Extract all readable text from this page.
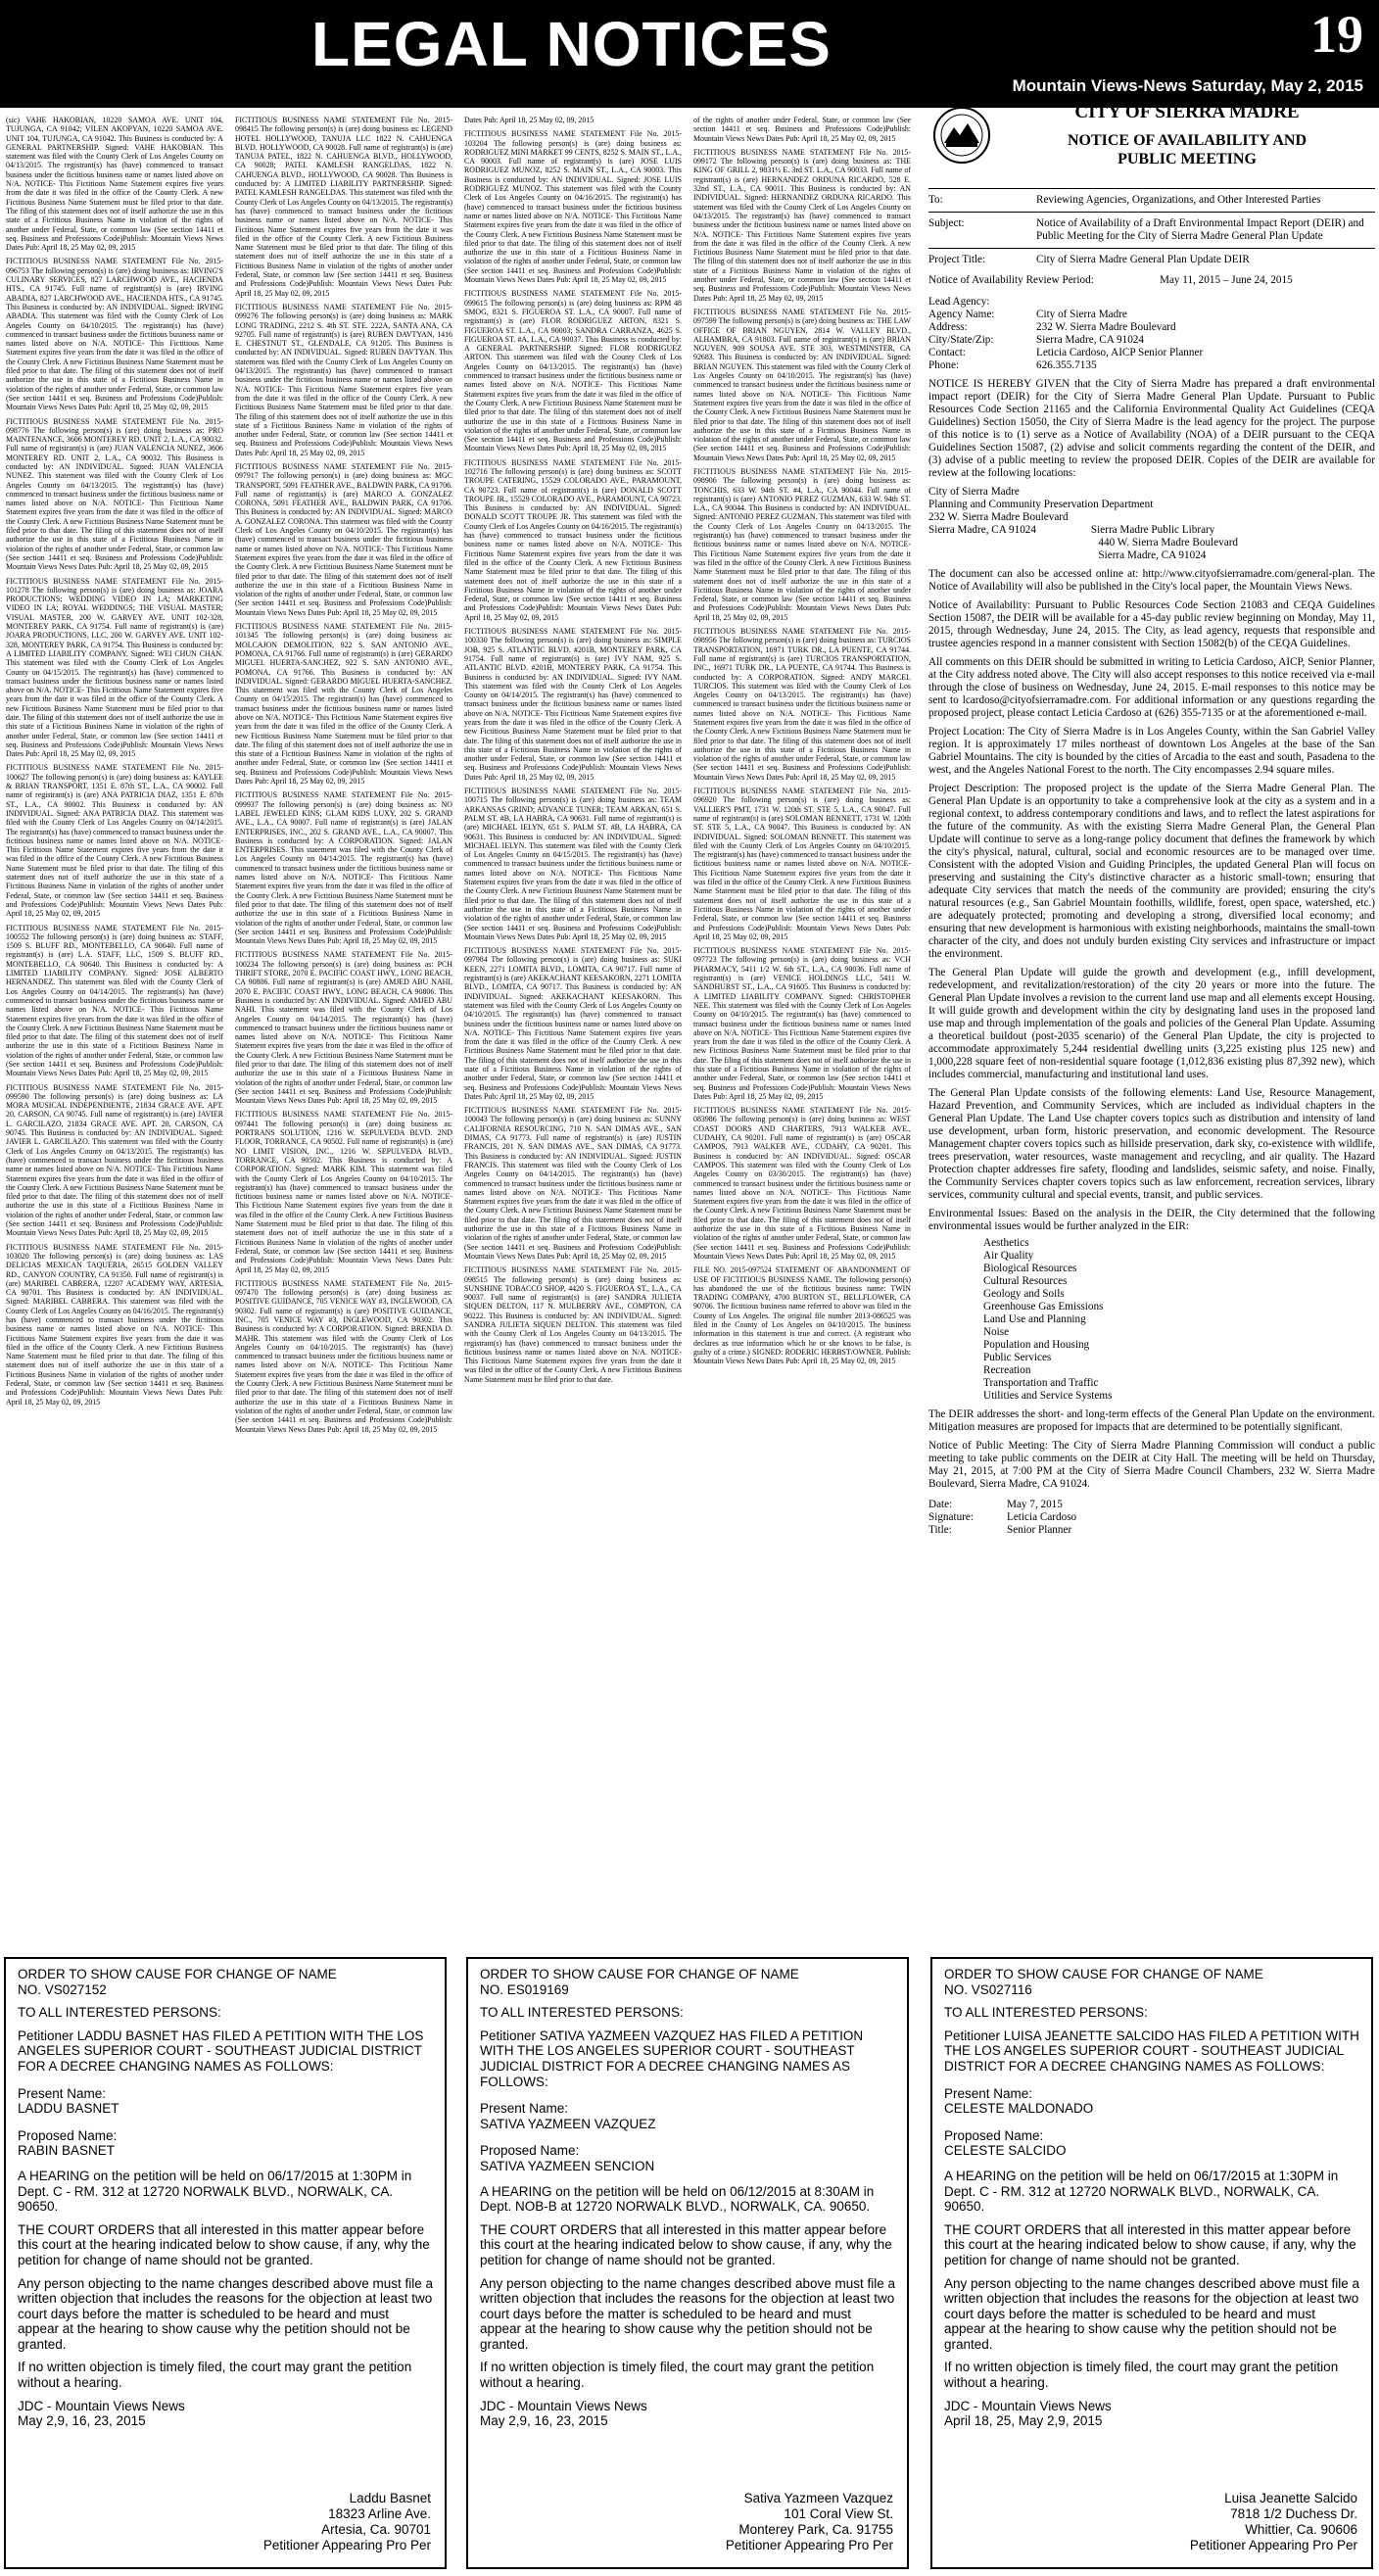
LEGAL NOTICES	19
Mountain Views-News Saturday, May 2, 2015

(sic) VAHE HAKOBIAN, 10220 SAMOA AVE. UNIT 104, TUJUNGA, CA 91042; VILEN AKOPYAN, 10220 SAMOA AVE. UNIT 104, TUJUNGA, CA 91042. This Business is conducted by: A GENERAL PARTNERSHIP. Signed: VAHE HAKOBIAN. This statement was filed with the County Clerk of Los Angeles County on 04/13/2015. The registrant(s) has (have) commenced to transact business under the fictitious business name or names listed above on N/A. NOTICE- This Fictitious Name Statement expires five years from the date it was filed in the office of the County Clerk. A new Fictitious Business Name Statement must be filed prior to that date. The filing of this statement does not of itself authorize the use in this state of a Fictitious Business Name in violation of the rights of another under Federal, State, or common law (See section 14411 et seq. Business and Professions Code)Publish: Mountain Views News Dates Pub: April 18, 25 May 02, 09, 2015

FICTITIOUS BUSINESS NAME STATEMENT File No. 2015-096753 The following person(s) is (are) doing business as: IRVING'S CULINARY SERVICES, 827 LARCHWOOD AVE., HACIENDA HTS., CA 91745. Full name of registrant(s) is (are) IRVING ABADIA, 827 LARCHWOOD AVE., HACIENDA HTS., CA 91745. This Business is conducted by: AN INDIVIDUAL. Signed: IRVING ABADIA. This statement was filed with the County Clerk of Los Angeles County on 04/10/2015. The registrant(s) has (have) commenced to transact business under the fictitious business name or names listed above on N/A. NOTICE- This Fictitious Name Statement expires five years from the date it was filed in the office of the County Clerk. A new Fictitious Business Name Statement must be filed prior to that date. The filing of this statement does not of itself authorize the use in this state of a Fictitious Business Name in violation of the rights of another under Federal, State, or common law (See section 14411 et seq. Business and Professions Code)Publish: Mountain Views News Dates Pub: April 18, 25 May 02, 09, 2015

FICTITIOUS BUSINESS NAME STATEMENT File No. 2015-098776 The following person(s) is (are) doing business as: PRO MAINTENANCE, 3606 MONTEREY RD. UNIT 2, L.A., CA 90032. Full name of registrant(s) is (are) JUAN VALENCIA NUNEZ, 3606 MONTEREY RD. UNIT 2, L.A., CA 90032. This Business is conducted by: AN INDIVIDUAL. Signed: JUAN VALENCIA NUNEZ. This statement was filed with the County Clerk of Los Angeles County on 04/13/2015. The registrant(s) has (have) commenced to transact business under the fictitious business name or names listed above on N/A. NOTICE- This Fictitious Name Statement expires five years from the date it was filed in the office of the County Clerk. A new Fictitious Business Name Statement must be filed prior to that date. The filing of this statement does not of itself authorize the use in this state of a Fictitious Business Name in violation of the rights of another under Federal, State, or common law (See section 14411 et seq. Business and Professions Code)Publish: Mountain Views News Dates Pub: April 18, 25 May 02, 09, 2015

FICTITIOUS BUSINESS NAME STATEMENT File No. 2015-101278 The following person(s) is (are) doing business as: JOARA PRODUCTIONS; WEDDING VIDEO IN LA; MARKETING VIDEO IN LA; ROYAL WEDDINGS; THE VISUAL MASTER; VISUAL MASTER, 200 W. GARVEY AVE. UNIT 102-328, MONTEREY PARK, CA 91754. Full name of registrant(s) is (are) JOARA PRODUCTIONS, LLC, 200 W. GARVEY AVE. UNIT 102-328, MONTEREY PARK, CA 91754. This Business is conducted by: A LIMITED LIABILITY COMPANY. Signed: WEI CHUN CHAN. This statement was filed with the County Clerk of Los Angeles County on 04/15/2015. The registrant(s) has (have) commenced to transact business under the fictitious business name or names listed above on N/A. NOTICE- This Fictitious Name Statement expires five years from the date it was filed in the office of the County Clerk. A new Fictitious Business Name Statement must be filed prior to that date. The filing of this statement does not of itself authorize the use in this state of a Fictitious Business Name in violation of the rights of another under Federal, State, or common law (See section 14411 et seq. Business and Professions Code)Publish: Mountain Views News Dates Pub: April 18, 25 May 02, 09, 2015

FICTITIOUS BUSINESS NAME STATEMENT File No. 2015-100627 The following person(s) is (are) doing business as: KAYLEE & BRIAN TRANSPORT, 1351 E. 87th ST., L.A., CA 90002. Full name of registrant(s) is (are) ANA PATRICIA DIAZ, 1351 E. 87th ST., L.A., CA 90002. This Business is conducted by: AN INDIVIDUAL. Signed: ANA PATRICIA DIAZ. This statement was filed with the County Clerk of Los Angeles County on 04/14/2015. The registrant(s) has (have) commenced to transact business under the fictitious business name or names listed above on N/A. NOTICE- This Fictitious Name Statement expires five years from the date it was filed in the office of the County Clerk. A new Fictitious Business Name Statement must be filed prior to that date. The filing of this statement does not of itself authorize the use in this state of a Fictitious Business Name in violation of the rights of another under Federal, State, or common law (See section 14411 et seq. Business and Professions Code)Publish: Mountain Views News Dates Pub: April 18, 25 May 02, 09, 2015

FICTITIOUS BUSINESS NAME STATEMENT File No. 2015-100552 The following person(s) is (are) doing business as: STAFF, 1509 S. BLUFF RD., MONTEBELLO, CA 90640. Full name of registrant(s) is (are) L.A. STAFF, LLC, 1509 S. BLUFF RD., MONTEBELLO, CA 90640. This Business is conducted by: A LIMITED LIABILITY COMPANY. Signed: JOSE ALBERTO HERNANDEZ. This statement was filed with the County Clerk of Los Angeles County on 04/14/2015. The registrant(s) has (have) commenced to transact business under the fictitious business name or names listed above on N/A. NOTICE- This Fictitious Name Statement expires five years from the date it was filed in the office of the County Clerk. A new Fictitious Business Name Statement must be filed prior to that date. The filing of this statement does not of itself authorize the use in this state of a Fictitious Business Name in violation of the rights of another under Federal, State, or common law (See section 14411 et seq. Business and Professions Code)Publish: Mountain Views News Dates Pub: April 18, 25 May 02, 09, 2015

FICTITIOUS BUSINESS NAME STATEMENT File No. 2015-099590 The following person(s) is (are) doing business as: LA MORA MUSICAL INDEPENDIENTE, 21834 GRACE AVE. APT. 20, CARSON, CA 90745. Full name of registrant(s) is (are) JAVIER L. GARCILAZO, 21834 GRACE AVE. APT. 20, CARSON, CA 90745. This Business is conducted by: AN INDIVIDUAL. Signed: JAVIER L. GARCILAZO. This statement was filed with the County Clerk of Los Angeles County on 04/13/2015. The registrant(s) has (have) commenced to transact business under the fictitious business name or names listed above on N/A. NOTICE- This Fictitious Name Statement expires five years from the date it was filed in the office of the County Clerk. A new Fictitious Business Name Statement must be filed prior to that date. The filing of this statement does not of itself authorize the use in this state of a Fictitious Business Name in violation of the rights of another under Federal, State, or common law (See section 14411 et seq. Business and Professions Code)Publish: Mountain Views News Dates Pub: April 18, 25 May 02, 09, 2015

FICTITIOUS BUSINESS NAME STATEMENT File No. 2015-103020 The following person(s) is (are) doing business as: LAS DELICIAS MEXICAN TAQUERIA, 26515 GOLDEN VALLEY RD., CANYON COUNTRY, CA 91350. Full name of registrant(s) is (are) MARIBEL CABRERA, 12207 ACADEMY WAY, ARTESIA, CA 90701. This Business is conducted by: AN INDIVIDUAL. Signed: MARIBEL CABRERA. This statement was filed with the County Clerk of Los Angeles County on 04/16/2015. The registrant(s) has (have) commenced to transact business under the fictitious business name or names listed above on N/A. NOTICE- This Fictitious Name Statement expires five years from the date it was filed in the office of the County Clerk. A new Fictitious Business Name Statement must be filed prior to that date. The filing of this statement does not of itself authorize the use in this state of a Fictitious Business Name in violation of the rights of another under Federal, State, or common law (See section 14411 et seq. Business and Professions Code)Publish: Mountain Views News Dates Pub: April 18, 25 May 02, 09, 2015

FICTITIOUS BUSINESS NAME STATEMENT File No. 2015-098415 The following person(s) is (are) doing business as: LEGEND HOTEL HOLLYWOOD, TANUJA LLC 1822 N. CAHUENGA BLVD. HOLLYWOOD, CA 90028. Full name of registrant(s) is (are) TANUJA PATEL, 1822 N. CAHUENGA BLVD., HOLLYWOOD, CA 90028; PATEL KAMLESH RANGELDAS, 1822 N. CAHUENGA BLVD., HOLLYWOOD, CA 90028. This Business is conducted by: A LIMITED LIABILITY PARTNERSHIP. Signed: PATEL KAMLESH RANGELDAS. This statement was filed with the County Clerk of Los Angeles County on 04/13/2015. The registrant(s) has (have) commenced to transact business under the fictitious business name or names listed above on N/A. NOTICE- This Fictitious Name Statement expires five years from the date it was filed in the office of the County Clerk. A new Fictitious Business Name Statement must be filed prior to that date. The filing of this statement does not of itself authorize the use in this state of a Fictitious Business Name in violation of the rights of another under Federal, State, or common law (See section 14411 et seq. Business and Professions Code)Publish: Mountain Views News Dates Pub: April 18, 25 May 02, 09, 2015

FICTITIOUS BUSINESS NAME STATEMENT File No. 2015-099276 The following person(s) is (are) doing business as: MARK LONG TRADING, 2212 S. 4th ST. STE. 222A, SANTA ANA, CA 92705. Full name of registrant(s) is (are) RUBEN DAVTYAN, 1416 E. CHESTNUT ST., GLENDALE, CA 91205. This Business is conducted by: AN INDIVIDUAL. Signed: RUBEN DAVTYAN. This statement was filed with the County Clerk of Los Angeles County on 04/13/2015. The registrant(s) has (have) commenced to transact business under the fictitious business name or names listed above on N/A. NOTICE- This Fictitious Name Statement expires five years from the date it was filed in the office of the County Clerk. A new Fictitious Business Name Statement must be filed prior to that date. The filing of this statement does not of itself authorize the use in this state of a Fictitious Business Name in violation of the rights of another under Federal, State, or common law (See section 14411 et seq. Business and Professions Code)Publish: Mountain Views News Dates Pub: April 18, 25 May 02, 09, 2015

FICTITIOUS BUSINESS NAME STATEMENT File No. 2015-097917 The following person(s) is (are) doing business as: MGC TRANSPORT, 5091 FEATHER AVE., BALDWIN PARK, CA 91706. Full name of registrant(s) is (are) MARCO A. GONZALEZ CORONA, 5091 FEATHER AVE., BALDWIN PARK, CA 91706. This Business is conducted by: AN INDIVIDUAL. Signed: MARCO A. GONZALEZ CORONA. This statement was filed with the County Clerk of Los Angeles County on 04/10/2015. The registrant(s) has (have) commenced to transact business under the fictitious business name or names listed above on N/A. NOTICE- This Fictitious Name Statement expires five years from the date it was filed in the office of the County Clerk. A new Fictitious Business Name Statement must be filed prior to that date. The filing of this statement does not of itself authorize the use in this state of a Fictitious Business Name in violation of the rights of another under Federal, State, or common law (See section 14411 et seq. Business and Professions Code)Publish: Mountain Views News Dates Pub: April 18, 25 May 02, 09, 2015

FICTITIOUS BUSINESS NAME STATEMENT File No. 2015-101345 The following person(s) is (are) doing business as: MOLCAJON DEMOLITION, 922 S. SAN ANTONIO AVE., POMONA, CA 91766. Full name of registrant(s) is (are) GERARDO MIGUEL HUERTA-SANCHEZ, 922 S. SAN ANTONIO AVE., POMONA, CA 91766. This Business is conducted by: AN INDIVIDUAL. Signed: GERARDO MIGUEL HUERTA-SANCHEZ. This statement was filed with the County Clerk of Los Angeles County on 04/15/2015. The registrant(s) has (have) commenced to transact business under the fictitious business name or names listed above on N/A. NOTICE- This Fictitious Name Statement expires five years from the date it was filed in the office of the County Clerk. A new Fictitious Business Name Statement must be filed prior to that date. The filing of this statement does not of itself authorize the use in this state of a Fictitious Business Name in violation of the rights of another under Federal, State, or common law (See section 14411 et seq. Business and Professions Code)Publish: Mountain Views News Dates Pub: April 18, 25 May 02, 09, 2015

FICTITIOUS BUSINESS NAME STATEMENT File No. 2015-099937 The following person(s) is (are) doing business as: NO LABEL JEWELED KINS; GLAM KIDS LUXY, 202 S. GRAND AVE., L.A., CA 90007. Full name of registrant(s) is (are) JALAN ENTERPRISES, INC., 202 S. GRAND AVE., L.A., CA 90007. This Business is conducted by: A CORPORATION. Signed: JALAN ENTERPRISES. This statement was filed with the County Clerk of Los Angeles County on 04/14/2015. The registrant(s) has (have) commenced to transact business under the fictitious business name or names listed above on N/A. NOTICE- This Fictitious Name Statement expires five years from the date it was filed in the office of the County Clerk. A new Fictitious Business Name Statement must be filed prior to that date. The filing of this statement does not of itself authorize the use in this state of a Fictitious Business Name in violation of the rights of another under Federal, State, or common law (See section 14411 et seq. Business and Professions Code)Publish: Mountain Views News Dates Pub: April 18, 25 May 02, 09, 2015

FICTITIOUS BUSINESS NAME STATEMENT File No. 2015-100234 The following person(s) is (are) doing business as: PCH THRIFT STORE, 2070 E. PACIFIC COAST HWY., LONG BEACH, CA 90806. Full name of registrant(s) is (are) AMJED ABU NAHI, 2070 E. PACIFIC COAST HWY., LONG BEACH, CA 90806. This Business is conducted by: AN INDIVIDUAL. Signed: AMJED ABU NAHI. This statement was filed with the County Clerk of Los Angeles County on 04/14/2015. The registrant(s) has (have) commenced to transact business under the fictitious business name or names listed above on N/A. NOTICE- This Fictitious Name Statement expires five years from the date it was filed in the office of the County Clerk. A new Fictitious Business Name Statement must be filed prior to that date. The filing of this statement does not of itself authorize the use in this state of a Fictitious Business Name in violation of the rights of another under Federal, State, or common law (See section 14411 et seq. Business and Professions Code)Publish: Mountain Views News Dates Pub: April 18, 25 May 02, 09, 2015

FICTITIOUS BUSINESS NAME STATEMENT File No. 2015-097441 The following person(s) is (are) doing business as: PORTRANS SOLUTION, 1216 W. SEPULVEDA BLVD. 2ND FLOOR, TORRANCE, CA 90502. Full name of registrant(s) is (are) NO LIMIT VISION, INC., 1216 W. SEPULVEDA BLVD., TORRANCE, CA 90502. This Business is conducted by: A CORPORATION. Signed: MARK KIM. This statement was filed with the County Clerk of Los Angeles County on 04/10/2015. The registrant(s) has (have) commenced to transact business under the fictitious business name or names listed above on N/A. NOTICE- This Fictitious Name Statement expires five years from the date it was filed in the office of the County Clerk. A new Fictitious Business Name Statement must be filed prior to that date. The filing of this statement does not of itself authorize the use in this state of a Fictitious Business Name in violation of the rights of another under Federal, State, or common law (See section 14411 et seq. Business and Professions Code)Publish: Mountain Views News Dates Pub: April 18, 25 May 02, 09, 2015

FICTITIOUS BUSINESS NAME STATEMENT File No. 2015-097470 The following person(s) is (are) doing business as: POSITIVE GUIDANCE, 705 VENICE WAY #3, INGLEWOOD, CA 90302. Full name of registrant(s) is (are) POSITIVE GUIDANCE, INC., 705 VENICE WAY #3, INGLEWOOD, CA 90302. This Business is conducted by: A CORPORATION. Signed: BRENDA D. MAHR. This statement was filed with the County Clerk of Los Angeles County on 04/10/2015. The registrant(s) has (have) commenced to transact business under the fictitious business name or names listed above on N/A. NOTICE- This Fictitious Name Statement expires five years from the date it was filed in the office of the County Clerk. A new Fictitious Business Name Statement must be filed prior to that date. The filing of this statement does not of itself authorize the use in this state of a Fictitious Business Name in violation of the rights of another under Federal, State, or common law (See section 14411 et seq. Business and Professions Code)Publish: Mountain Views News Dates Pub: April 18, 25 May 02, 09, 2015

Dates Pub: April 18, 25 May 02, 09, 2015

FICTITIOUS BUSINESS NAME STATEMENT File No. 2015-103204 The following person(s) is (are) doing business as: RODRIGUEZ MINI MARKET 99 CENTS, 8252 S. MAIN ST., L.A., CA 90003. Full name of registrant(s) is (are) JOSE LUIS RODRIGUEZ MUNOZ, 8252 S. MAIN ST., L.A., CA 90003. This Business is conducted by: AN INDIVIDUAL. Signed: JOSE LUIS RODRIGUEZ MUNOZ. This statement was filed with the County Clerk of Los Angeles County on 04/16/2015. The registrant(s) has (have) commenced to transact business under the fictitious business name or names listed above on N/A. NOTICE- This Fictitious Name Statement expires five years from the date it was filed in the office of the County Clerk. A new Fictitious Business Name Statement must be filed prior to that date. The filing of this statement does not of itself authorize the use in this state of a Fictitious Business Name in violation of the rights of another under Federal, State, or common law (See section 14411 et seq. Business and Professions Code)Publish: Mountain Views News Dates Pub: April 18, 25 May 02, 09, 2015

FICTITIOUS BUSINESS NAME STATEMENT File No. 2015-099615 The following person(s) is (are) doing business as: RPM 48 SMOG, 8321 S. FIGUEROA ST. L.A., CA 90007. Full name of registrant(s) is (are) FLOR RODRIGUEZ ARTON, 8321 S. FIGUEROA ST. L.A., CA 90003; SANDRA CARRANZA, 4625 S. FIGUEROA ST. #A, L.A., CA 90037. This Business is conducted by: A GENERAL PARTNERSHIP. Signed: FLOR RODRIGUEZ ARTON. This statement was filed with the County Clerk of Los Angeles County on 04/13/2015. The registrant(s) has (have) commenced to transact business under the fictitious business name or names listed above on N/A. NOTICE- This Fictitious Name Statement expires five years from the date it was filed in the office of the County Clerk. A new Fictitious Business Name Statement must be filed prior to that date. The filing of this statement does not of itself authorize the use in this state of a Fictitious Business Name in violation of the rights of another under Federal, State, or common law (See section 14411 et seq. Business and Professions Code)Publish: Mountain Views News Dates Pub: April 18, 25 May 02, 09, 2015

FICTITIOUS BUSINESS NAME STATEMENT File No. 2015-102716 The following person(s) is (are) doing business as: SCOTT TROUPE CATERING, 15529 COLORADO AVE., PARAMOUNT, CA 90723. Full name of registrant(s) is (are) DONALD SCOTT TROUPE JR., 15529 COLORADO AVE., PARAMOUNT, CA 90723. This Business is conducted by: AN INDIVIDUAL. Signed: DONALD SCOTT TROUPE JR. This statement was filed with the County Clerk of Los Angeles County on 04/16/2015. The registrant(s) has (have) commenced to transact business under the fictitious business name or names listed above on N/A. NOTICE- This Fictitious Name Statement expires five years from the date it was filed in the office of the County Clerk. A new Fictitious Business Name Statement must be filed prior to that date. The filing of this statement does not of itself authorize the use in this state of a Fictitious Business Name in violation of the rights of another under Federal, State, or common law (See section 14411 et seq. Business and Professions Code)Publish: Mountain Views News Dates Pub: April 18, 25 May 02, 09, 2015

FICTITIOUS BUSINESS NAME STATEMENT File No. 2015-100330 The following person(s) is (are) doing business as: SIMPLE JOB, 925 S. ATLANTIC BLVD. #201B, MONTEREY PARK, CA 91754. Full name of registrant(s) is (are) IVY NAM, 925 S. ATLANTIC BLVD. #201B, MONTEREY PARK, CA 91754. This Business is conducted by: AN INDIVIDUAL. Signed: IVY NAM. This statement was filed with the County Clerk of Los Angeles County on 04/14/2015. The registrant(s) has (have) commenced to transact business under the fictitious business name or names listed above on N/A. NOTICE- This Fictitious Name Statement expires five years from the date it was filed in the office of the County Clerk. A new Fictitious Business Name Statement must be filed prior to that date. The filing of this statement does not of itself authorize the use in this state of a Fictitious Business Name in violation of the rights of another under Federal, State, or common law (See section 14411 et seq. Business and Professions Code)Publish: Mountain Views News Dates Pub: April 18, 25 May 02, 09, 2015

FICTITIOUS BUSINESS NAME STATEMENT File No. 2015-100715 The following person(s) is (are) doing business as: TEAM ARKANSAS GRIND; ADVANCE TUNER; TEAM ARKAN, 651 S. PALM ST. #B, LA HABRA, CA 90631. Full name of registrant(s) is (are) MICHAEL IELYN, 651 S. PALM ST. #B, LA HABRA, CA 90631. This Business is conducted by: AN INDIVIDUAL. Signed: MICHAEL IELYN. This statement was filed with the County Clerk of Los Angeles County on 04/15/2015. The registrant(s) has (have) commenced to transact business under the fictitious business name or names listed above on N/A. NOTICE- This Fictitious Name Statement expires five years from the date it was filed in the office of the County Clerk. A new Fictitious Business Name Statement must be filed prior to that date. The filing of this statement does not of itself authorize the use in this state of a Fictitious Business Name in violation of the rights of another under Federal, State, or common law (See section 14411 et seq. Business and Professions Code)Publish: Mountain Views News Dates Pub: April 18, 25 May 02, 09, 2015

FICTITIOUS BUSINESS NAME STATEMENT File No. 2015-097984 The following person(s) is (are) doing business as: SUKI KEEN, 2271 LOMITA BLVD., LOMITA, CA 90717. Full name of registrant(s) is (are) AKEKACHANT KEESAKORN, 2271 LOMITA BLVD., LOMITA, CA 90717. This Business is conducted by: AN INDIVIDUAL. Signed: AKEKACHANT KEESAKORN. This statement was filed with the County Clerk of Los Angeles County on 04/10/2015. The registrant(s) has (have) commenced to transact business under the fictitious business name or names listed above on N/A. NOTICE- This Fictitious Name Statement expires five years from the date it was filed in the office of the County Clerk. A new Fictitious Business Name Statement must be filed prior to that date. The filing of this statement does not of itself authorize the use in this state of a Fictitious Business Name in violation of the rights of another under Federal, State, or common law (See section 14411 et seq. Business and Professions Code)Publish: Mountain Views News Dates Pub: April 18, 25 May 02, 09, 2015

FICTITIOUS BUSINESS NAME STATEMENT File No. 2015-100043 The following person(s) is (are) doing business as: SUNNY CALIFORNIA RESOURCING, 710 N. SAN DIMAS AVE., SAN DIMAS, CA 91773. Full name of registrant(s) is (are) JUSTIN FRANCIS, 201 N. SAN DIMAS AVE., SAN DIMAS, CA 91773. This Business is conducted by: AN INDIVIDUAL. Signed: JUSTIN FRANCIS. This statement was filed with the County Clerk of Los Angeles County on 04/14/2015. The registrant(s) has (have) commenced to transact business under the fictitious business name or names listed above on N/A. NOTICE- This Fictitious Name Statement expires five years from the date it was filed in the office of the County Clerk. A new Fictitious Business Name Statement must be filed prior to that date. The filing of this statement does not of itself authorize the use in this state of a Fictitious Business Name in violation of the rights of another under Federal, State, or common law (See section 14411 et seq. Business and Professions Code)Publish: Mountain Views News Dates Pub: April 18, 25 May 02, 09, 2015

FICTITIOUS BUSINESS NAME STATEMENT File No. 2015-098515 The following person(s) is (are) doing business as: SUNSHINE TOBACCO SHOP, 4420 S. FIGUEROA ST., L.A., CA 90037. Full name of registrant(s) is (are) SANDRA JULIETA SIQUEN DELTON, 117 N. MULBERRY AVE., COMPTON, CA 90222. This Business is conducted by: AN INDIVIDUAL. Signed: SANDRA JULIETA SIQUEN DELTON. This statement was filed with the County Clerk of Los Angeles County on 04/13/2015. The registrant(s) has (have) commenced to transact business under the fictitious business name or names listed above on N/A. NOTICE- This Fictitious Name Statement expires five years from the date it was filed in the office of the County Clerk. A new Fictitious Business Name Statement must be filed prior to that date.

of the rights of another under Federal, State, or common law (See section 14411 et seq. Business and Professions Code)Publish: Mountain Views News Dates Pub: April 18, 25 May 02, 09, 2015

FICTITIOUS BUSINESS NAME STATEMENT File No. 2015-099172 The following person(s) is (are) doing business as: THE KING OF GRILL 2, 9831½ E. 3rd ST. L.A., CA 90033. Full name of registrant(s) is (are) HERNANDEZ ORDUNA RICARDO, 528 E. 32nd ST., L.A., CA 90011. This Business is conducted by: AN INDIVIDUAL. Signed: HERNANDEZ ORDUNA RICARDO. This statement was filed with the County Clerk of Los Angeles County on 04/13/2015. The registrant(s) has (have) commenced to transact business under the fictitious business name or names listed above on N/A. NOTICE- This Fictitious Name Statement expires five years from the date it was filed in the office of the County Clerk. A new Fictitious Business Name Statement must be filed prior to that date. The filing of this statement does not of itself authorize the use in this state of a Fictitious Business Name in violation of the rights of another under Federal, State, or common law (See section 14411 et seq. Business and Professions Code)Publish: Mountain Views News Dates Pub: April 18, 25 May 02, 09, 2015

FICTITIOUS BUSINESS NAME STATEMENT File No. 2015-097599 The following person(s) is (are) doing business as: THE LAW OFFICE OF BRIAN NGUYEN, 2814 W. VALLEY BLVD., ALHAMBRA, CA 91803. Full name of registrant(s) is (are) BRIAN NGUYEN, 909 SOUSA AVE. STE 303, WESTMINSTER, CA 92683. This Business is conducted by: AN INDIVIDUAL. Signed: BRIAN NGUYEN. This statement was filed with the County Clerk of Los Angeles County on 04/10/2015. The registrant(s) has (have) commenced to transact business under the fictitious business name or names listed above on N/A. NOTICE- This Fictitious Name Statement expires five years from the date it was filed in the office of the County Clerk. A new Fictitious Business Name Statement must be filed prior to that date. The filing of this statement does not of itself authorize the use in this state of a Fictitious Business Name in violation of the rights of another under Federal, State, or common law (See section 14411 et seq. Business and Professions Code)Publish: Mountain Views News Dates Pub: April 18, 25 May 02, 09, 2015

FICTITIOUS BUSINESS NAME STATEMENT File No. 2015-098906 The following person(s) is (are) doing business as: TONCHIS, 633 W. 94th ST. #4, L.A., CA 90044. Full name of registrant(s) is (are) ANTONIO PEREZ GUZMAN, 633 W. 94th ST. L.A., CA 90044. This Business is conducted by: AN INDIVIDUAL. Signed: ANTONIO PEREZ GUZMAN. This statement was filed with the County Clerk of Los Angeles County on 04/13/2015. The registrant(s) has (have) commenced to transact business under the fictitious business name or names listed above on N/A. NOTICE- This Fictitious Name Statement expires five years from the date it was filed in the office of the County Clerk. A new Fictitious Business Name Statement must be filed prior to that date. The filing of this statement does not of itself authorize the use in this state of a Fictitious Business Name in violation of the rights of another under Federal, State, or common law (See section 14411 et seq. Business and Professions Code)Publish: Mountain Views News Dates Pub: April 18, 25 May 02, 09, 2015

FICTITIOUS BUSINESS NAME STATEMENT File No. 2015-098956 The following person(s) is (are) doing business as: TURCIOS TRANSPORTATION, 16971 TURK DR., LA PUENTE, CA 91744. Full name of registrant(s) is (are) TURCIOS TRANSPORTATION, INC., 16971 TURK DR., LA PUENTE, CA 91744. This Business is conducted by: A CORPORATION. Signed: ANDY MARCEL TURCIOS. This statement was filed with the County Clerk of Los Angeles County on 04/13/2015. The registrant(s) has (have) commenced to transact business under the fictitious business name or names listed above on N/A. NOTICE- This Fictitious Name Statement expires five years from the date it was filed in the office of the County Clerk. A new Fictitious Business Name Statement must be filed prior to that date. The filing of this statement does not of itself authorize the use in this state of a Fictitious Business Name in violation of the rights of another under Federal, State, or common law (See section 14411 et seq. Business and Professions Code)Publish: Mountain Views News Dates Pub: April 18, 25 May 02, 09, 2015

FICTITIOUS BUSINESS NAME STATEMENT File No. 2015-096920 The following person(s) is (are) doing business as: VALLIER'S PMT, 1731 W. 120th ST. STE 5, L.A., CA 90047. Full name of registrant(s) is (are) SOLOMAN BENNETT, 1731 W. 120th ST. STE 5, L.A., CA 90047. This Business is conducted by: AN INDIVIDUAL. Signed: SOLOMAN BENNETT. This statement was filed with the County Clerk of Los Angeles County on 04/10/2015. The registrant(s) has (have) commenced to transact business under the fictitious business name or names listed above on N/A. NOTICE- This Fictitious Name Statement expires five years from the date it was filed in the office of the County Clerk. A new Fictitious Business Name Statement must be filed prior to that date. The filing of this statement does not of itself authorize the use in this state of a Fictitious Business Name in violation of the rights of another under Federal, State, or common law (See section 14411 et seq. Business and Professions Code)Publish: Mountain Views News Dates Pub: April 18, 25 May 02, 09, 2015

FICTITIOUS BUSINESS NAME STATEMENT File No. 2015-097723 The following person(s) is (are) doing business as: VCH PHARMACY, 5411 1/2 W. 6th ST., L.A., CA 90036. Full name of registrant(s) is (are) VENICE HOLDINGS LLC, 5411 W. SANDHURST ST., L.A., CA 91605. This Business is conducted by: A LIMITED LIABILITY COMPANY. Signed: CHRISTOPHER NEE. This statement was filed with the County Clerk of Los Angeles County on 04/10/2015. The registrant(s) has (have) commenced to transact business under the fictitious business name or names listed above on N/A. NOTICE- This Fictitious Name Statement expires five years from the date it was filed in the office of the County Clerk. A new Fictitious Business Name Statement must be filed prior to that date. The filing of this statement does not of itself authorize the use in this state of a Fictitious Business Name in violation of the rights of another under Federal, State, or common law (See section 14411 et seq. Business and Professions Code)Publish: Mountain Views News Dates Pub: April 18, 25 May 02, 09, 2015

FICTITIOUS BUSINESS NAME STATEMENT File No. 2015-083986 The following person(s) is (are) doing business as: WEST COAST DOORS AND CHARTERS, 7913 WALKER AVE., CUDAHY, CA 90201. Full name of registrant(s) is (are) OSCAR CAMPOS, 7913 WALKER AVE., CUDAHY, CA 90201. This Business is conducted by: AN INDIVIDUAL. Signed: OSCAR CAMPOS. This statement was filed with the County Clerk of Los Angeles County on 03/30/2015. The registrant(s) has (have) commenced to transact business under the fictitious business name or names listed above on N/A. NOTICE- This Fictitious Name Statement expires five years from the date it was filed in the office of the County Clerk. A new Fictitious Business Name Statement must be filed prior to that date. The filing of this statement does not of itself authorize the use in this state of a Fictitious Business Name in violation of the rights of another under Federal, State, or common law (See section 14411 et seq. Business and Professions Code)Publish: Mountain Views News Dates Pub: April 18, 25 May 02, 09, 2015

FILE NO. 2015-097524 STATEMENT OF ABANDONMENT OF USE OF FICTITIOUS BUSINESS NAME. The following person(s) has abandoned the use of the fictitious business name: TWIN TRADING COMPANY, 4700 BURTON ST., BELLFLOWER, CA 90706. The fictitious business name referred to above was filed in the County of Los Angeles. The original file number 2013-086525 was filed in the County of Los Angeles on 04/10/2015. The business information in this statement is true and correct. (A registrant who declares as true information which he or she knows to be false, is guilty of a crime.) SIGNED: RODERIC HERBST/OWNER. Publish: Mountain Views News Dates Pub: April 18, 25 May 02, 09, 2015

CITY OF SIERRA MADRE
NOTICE OF AVAILABILITY AND
PUBLIC MEETING
To:	Reviewing Agencies, Organizations, and Other Interested Parties
Subject:	Notice of Availability of a Draft Environmental Impact Report (DEIR) and Public Meeting for the City of Sierra Madre General Plan Update
Project Title:	City of Sierra Madre General Plan Update DEIR
Notice of Availability Review Period:	May 11, 2015 – June 24, 2015
Lead Agency:
Agency Name:	City of Sierra Madre
Address:	232 W. Sierra Madre Boulevard
City/State/Zip:	Sierra Madre, CA 91024
Contact:	Leticia Cardoso, AICP Senior Planner
Phone:	626.355.7135

NOTICE IS HEREBY GIVEN that the City of Sierra Madre has prepared a draft environmental impact report (DEIR) for the City of Sierra Madre General Plan Update. Pursuant to Public Resources Code Section 21165 and the California Environmental Quality Act Guidelines (CEQA Guidelines) Section 15050, the City of Sierra Madre is the lead agency for the project. The purpose of this notice is to (1) serve as a Notice of Availability (NOA) of a DEIR pursuant to the CEQA Guidelines Section 15087, (2) advise and solicit comments regarding the content of the DEIR, and (3) advise of a public meeting to review the proposed DEIR. Copies of the DEIR are available for review at the following locations:

City of Sierra Madre
Planning and Community Preservation Department
232 W. Sierra Madre Boulevard
Sierra Madre, CA 91024                    Sierra Madre Public Library
440 W. Sierra Madre Boulevard
Sierra Madre, CA 91024

The document can also be accessed online at: http://www.cityofsierramadre.com/general-plan. The Notice of Availability will also be published in the City's local paper, the Mountain Views News.

Notice of Availability: Pursuant to Public Resources Code Section 21083 and CEQA Guidelines Section 15087, the DEIR will be available for a 45-day public review beginning on Monday, May 11, 2015, through Wednesday, June 24, 2015. The City, as lead agency, requests that responsible and trustee agencies respond in a manner consistent with Section 15082(b) of the CEQA Guidelines.

All comments on this DEIR should be submitted in writing to Leticia Cardoso, AICP, Senior Planner, at the City address noted above. The City will also accept responses to this notice received via e-mail through the close of business on Wednesday, June 24, 2015. E-mail responses to this notice may be sent to lcardoso@cityofsierramadre.com. For additional information or any questions regarding the proposed project, please contact Leticia Cardoso at (626) 355-7135 or at the aforementioned e-mail.

Project Location: The City of Sierra Madre is in Los Angeles County, within the San Gabriel Valley region. It is approximately 17 miles northeast of downtown Los Angeles at the base of the San Gabriel Mountains. The city is bounded by the cities of Arcadia to the east and south, Pasadena to the west, and the Angeles National Forest to the north. The City encompasses 2.94 square miles.

Project Description: The proposed project is the update of the Sierra Madre General Plan. The General Plan Update is an opportunity to take a comprehensive look at the city as a system and in a regional context, to address contemporary conditions and laws, and to reflect the latest aspirations for the future of the community. As with the existing Sierra Madre General Plan, the General Plan Update will continue to serve as a long-range policy document that defines the framework by which the city's physical, natural, cultural, social and economic resources are to be managed over time. Consistent with the adopted Vision and Guiding Principles, the updated General Plan will focus on preserving and sustaining the City's distinctive character as a historic small-town; ensuring that adequate City services that match the needs of the community are provided; ensuring the city's natural resources (e.g., San Gabriel Mountain foothills, wildlife, forest, open space, watershed, etc.) are adequately protected; promoting and developing a strong, diversified local economy; and ensuring that new development is harmonious with existing neighborhoods, maintains the small-town character of the city, and does not unduly burden existing City services and infrastructure or impact the environment.

The General Plan Update will guide the growth and development (e.g., infill development, redevelopment, and revitalization/restoration) of the city 20 years or more into the future. The General Plan Update involves a revision to the current land use map and all elements except Housing. It will guide growth and development within the city by designating land uses in the proposed land use map and through implementation of the goals and policies of the General Plan Update. Assuming a theoretical buildout (post-2035 scenario) of the General Plan Update, the city is projected to accommodate approximately 5,244 residential dwelling units (3,225 existing plus 125 new) and 1,000,228 square feet of non-residential square footage (1,012,836 existing plus 87,392 new), which includes commercial, manufacturing and institutional land uses.

The General Plan Update consists of the following elements: Land Use, Resource Management, Hazard Prevention, and Community Services, which are included as individual chapters in the General Plan Update. The Land Use chapter covers topics such as distribution and intensity of land use development, urban form, historic preservation, and economic development. The Resource Management chapter covers topics such as hillside preservation, dark sky, co-existence with wildlife, trees preservation, water resources, waste management and recycling, and air quality. The Hazard Protection chapter addresses fire safety, flooding and landslides, seismic safety, and noise. Finally, the Community Services chapter covers topics such as law enforcement, recreation services, library services, community cultural and special events, transit, and public services.

Environmental Issues: Based on the analysis in the DEIR, the City determined that the following environmental issues would be further analyzed in the EIR:

Aesthetics
Air Quality
Biological Resources
Cultural Resources
Geology and Soils
Greenhouse Gas Emissions
Land Use and Planning
Noise
Population and Housing
Public Services
Recreation
Transportation and Traffic
Utilities and Service Systems

The DEIR addresses the short- and long-term effects of the General Plan Update on the environment. Mitigation measures are proposed for impacts that are determined to be potentially significant.

Notice of Public Meeting: The City of Sierra Madre Planning Commission will conduct a public meeting to take public comments on the DEIR at City Hall. The meeting will be held on Thursday, May 21, 2015, at 7:00 PM at the City of Sierra Madre Council Chambers, 232 W. Sierra Madre Boulevard, Sierra Madre, CA 91024.

Date:	May 7, 2015
Signature:	Leticia Cardoso
Title:	Senior Planner

ORDER TO SHOW CAUSE FOR CHANGE OF NAME
NO. VS027152

TO ALL INTERESTED PERSONS:

Petitioner LADDU BASNET HAS FILED A PETITION WITH THE LOS ANGELES SUPERIOR COURT - SOUTHEAST JUDICIAL DISTRICT FOR A DECREE CHANGING NAMES AS FOLLOWS:

Present Name:

LADDU BASNET

Proposed Name:

RABIN BASNET

A HEARING on the petition will be held on 06/17/2015 at 1:30PM in Dept. C - RM. 312 at 12720 NORWALK BLVD., NORWALK, CA. 90650.

THE COURT ORDERS that all interested in this matter appear before this court at the hearing indicated below to show cause, if any, why the petition for change of name should not be granted.

Any person objecting to the name changes described above must file a written objection that includes the reasons for the objection at least two court days before the matter is scheduled to be heard and must appear at the hearing to show cause why the petition should not be granted.

If no written objection is timely filed, the court may grant the petition without a hearing.

JDC - Mountain Views News
May 2,9, 16, 23, 2015

Laddu Basnet
18323 Arline Ave.
Artesia, Ca. 90701
Petitioner Appearing Pro Per

ORDER TO SHOW CAUSE FOR CHANGE OF NAME
NO. ES019169

TO ALL INTERESTED PERSONS:

Petitioner SATIVA YAZMEEN VAZQUEZ HAS FILED A PETITION WITH THE LOS ANGELES SUPERIOR COURT - SOUTHEAST JUDICIAL DISTRICT FOR A DECREE CHANGING NAMES AS FOLLOWS:

Present Name:

SATIVA YAZMEEN VAZQUEZ

Proposed Name:

SATIVA YAZMEEN SENCION

A HEARING on the petition will be held on 06/12/2015 at 8:30AM in Dept. NOB-B at 12720 NORWALK BLVD., NORWALK, CA. 90650.

THE COURT ORDERS that all interested in this matter appear before this court at the hearing indicated below to show cause, if any, why the petition for change of name should not be granted.

Any person objecting to the name changes described above must file a written objection that includes the reasons for the objection at least two court days before the matter is scheduled to be heard and must appear at the hearing to show cause why the petition should not be granted.

If no written objection is timely filed, the court may grant the petition without a hearing.

JDC - Mountain Views News
May 2,9, 16, 23, 2015

Sativa Yazmeen Vazquez
101 Coral View St.
Monterey Park, Ca. 91755
Petitioner Appearing Pro Per

ORDER TO SHOW CAUSE FOR CHANGE OF NAME
NO. VS027116

TO ALL INTERESTED PERSONS:

Petitioner LUISA JEANETTE SALCIDO HAS FILED A PETITION WITH THE LOS ANGELES SUPERIOR COURT - SOUTHEAST JUDICIAL DISTRICT FOR A DECREE CHANGING NAMES AS FOLLOWS:

Present Name:

CELESTE MALDONADO

Proposed Name:

CELESTE SALCIDO

A HEARING on the petition will be held on 06/17/2015 at 1:30PM in Dept. C - RM. 312 at 12720 NORWALK BLVD., NORWALK, CA. 90650.

THE COURT ORDERS that all interested in this matter appear before this court at the hearing indicated below to show cause, if any, why the petition for change of name should not be granted.

Any person objecting to the name changes described above must file a written objection that includes the reasons for the objection at least two court days before the matter is scheduled to be heard and must appear at the hearing to show cause why the petition should not be granted.

If no written objection is timely filed, the court may grant the petition without a hearing.

JDC - Mountain Views News
April 18, 25, May 2,9, 2015

Luisa Jeanette Salcido
7818 1/2 Duchess Dr.
Whittier, Ca. 90606
Petitioner Appearing Pro Per
